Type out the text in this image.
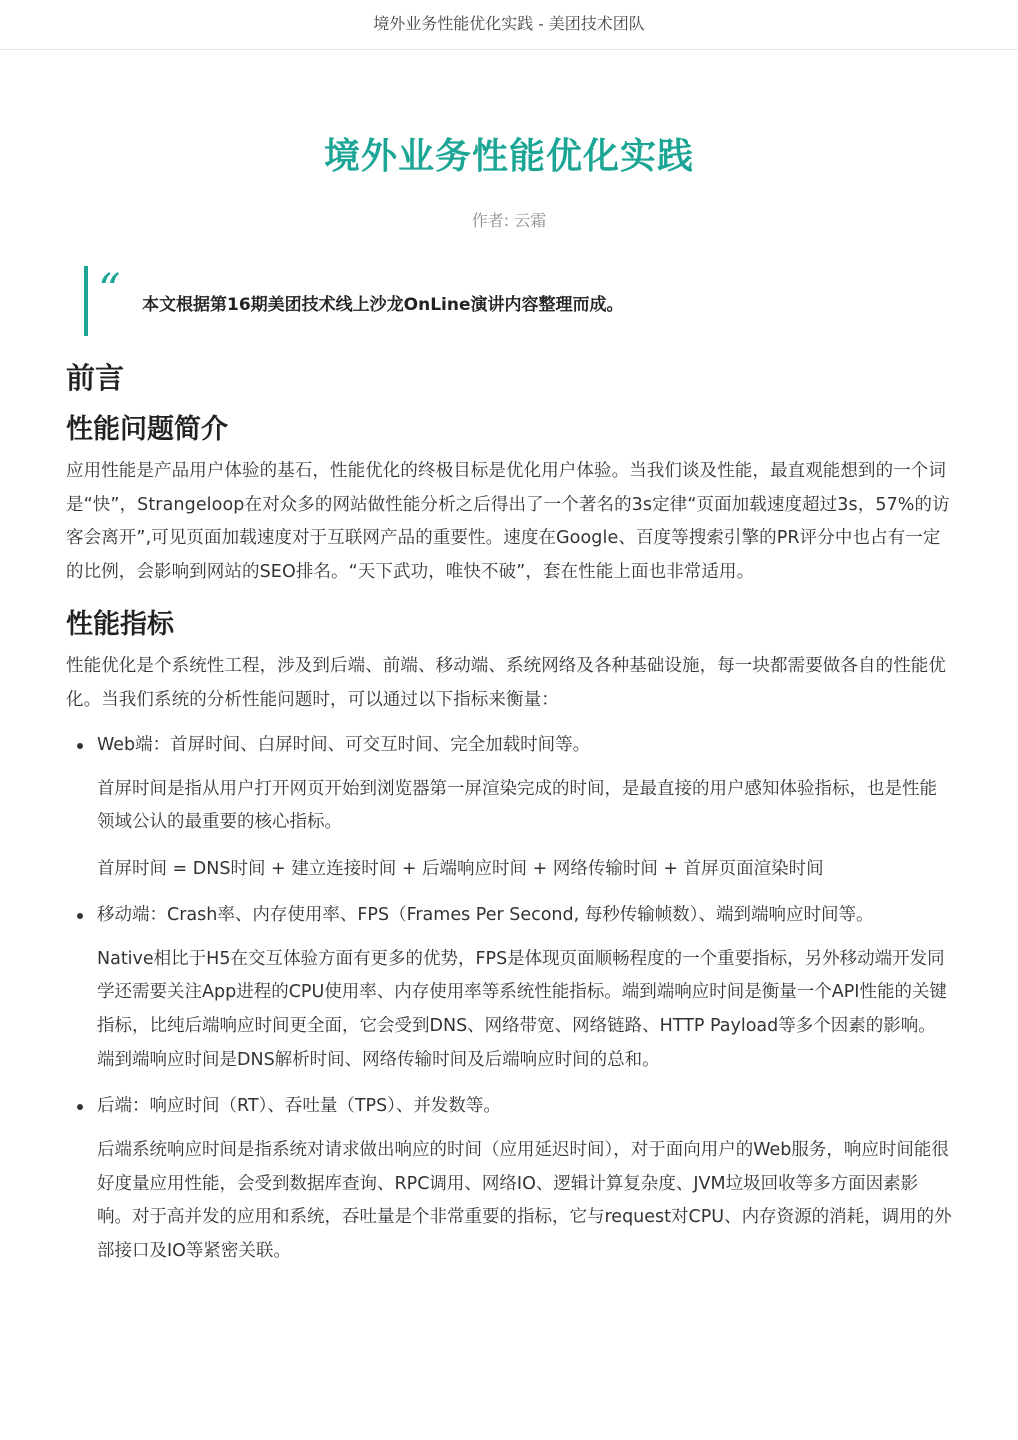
境外业务性能优化实践 - 美团技术团队
境外业务性能优化实践
作者: 云霜
“ 本文根据第16期美团技术线上沙龙OnLine演讲内容整理而成。
前言
性能问题简介

应用性能是产品用户体验的基石，性能优化的终极目标是优化用户体验。当我们谈及性能，最直观能想到的一个词是“快”，Strangeloop在对众多的网站做性能分析之后得出了一个著名的3s定律“页面加载速度超过3s，57%的访客会离开”,可见页面加载速度对于互联网产品的重要性。速度在Google、百度等搜索引擎的PR评分中也占有一定的比例，会影响到网站的SEO排名。“天下武功，唯快不破”，套在性能上面也非常适用。

性能指标

性能优化是个系统性工程，涉及到后端、前端、移动端、系统网络及各种基础设施，每一块都需要做各自的性能优化。当我们系统的分析性能问题时，可以通过以下指标来衡量：

Web端：首屏时间、白屏时间、可交互时间、完全加载时间等。

首屏时间是指从用户打开网页开始到浏览器第一屏渲染完成的时间，是最直接的用户感知体验指标，也是性能领域公认的最重要的核心指标。

首屏时间 = DNS时间 + 建立连接时间 + 后端响应时间 + 网络传输时间 + 首屏页面渲染时间
移动端：Crash率、内存使用率、FPS（Frames Per Second, 每秒传输帧数）、端到端响应时间等。

Native相比于H5在交互体验方面有更多的优势，FPS是体现页面顺畅程度的一个重要指标，另外移动端开发同学还需要关注App进程的CPU使用率、内存使用率等系统性能指标。端到端响应时间是衡量一个API性能的关键指标，比纯后端响应时间更全面，它会受到DNS、网络带宽、网络链路、HTTP Payload等多个因素的影响。端到端响应时间是DNS解析时间、网络传输时间及后端响应时间的总和。

后端：响应时间（RT）、吞吐量（TPS）、并发数等。

后端系统响应时间是指系统对请求做出响应的时间（应用延迟时间），对于面向用户的Web服务，响应时间能很好度量应用性能，会受到数据库查询、RPC调用、网络IO、逻辑计算复杂度、JVM垃圾回收等多方面因素影响。对于高并发的应用和系统，吞吐量是个非常重要的指标，它与request对CPU、内存资源的消耗，调用的外部接口及IO等紧密关联。
